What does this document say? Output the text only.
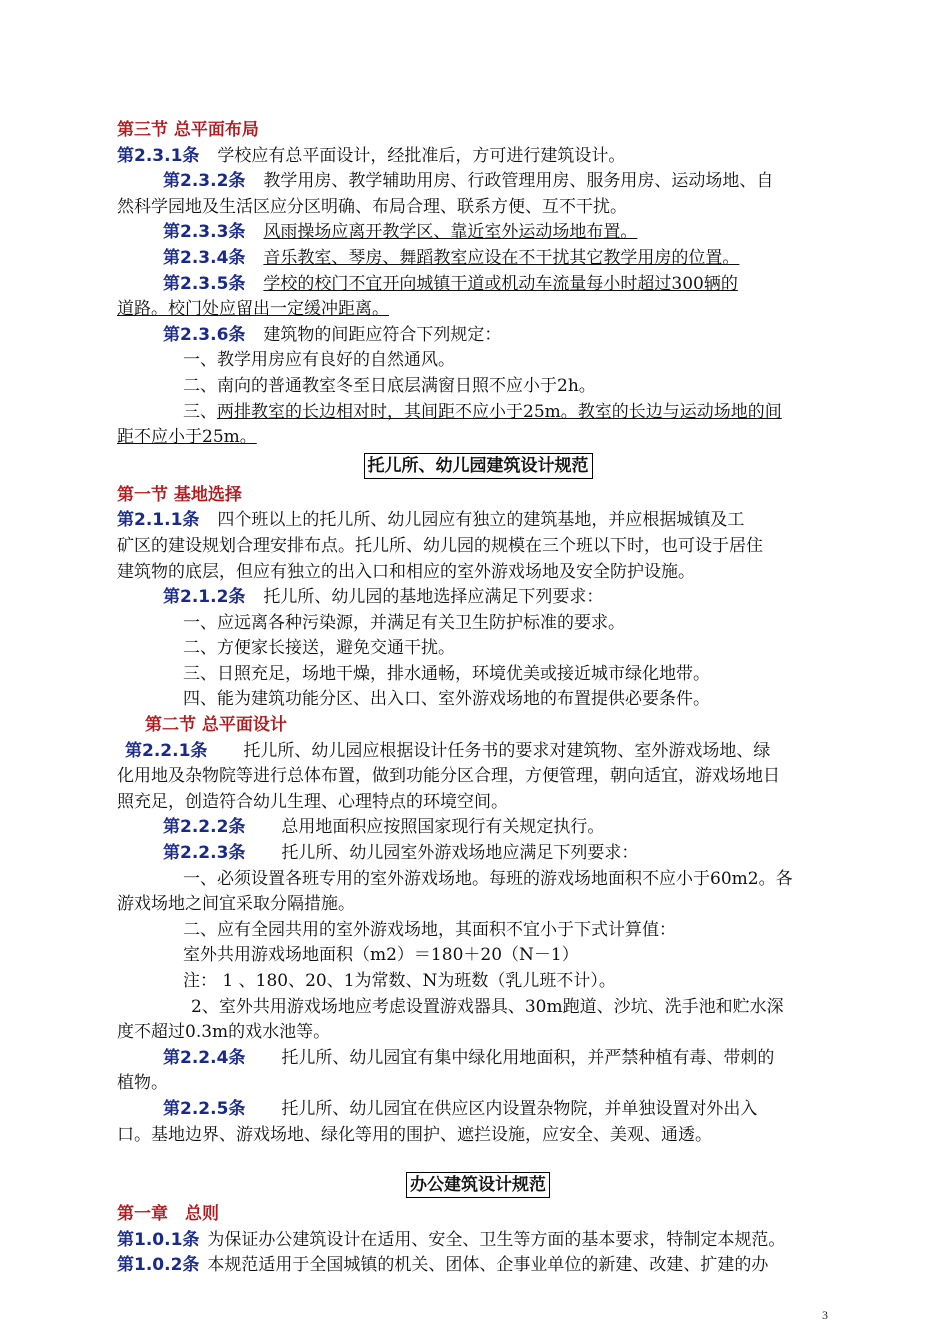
第三节 总平面布局
第2.3.1条 学校应有总平面设计，经批准后，方可进行建筑设计。
第2.3.2条 教学用房、教学辅助用房、行政管理用房、服务用房、运动场地、自
然科学园地及生活区应分区明确、布局合理、联系方便、互不干扰。
第2.3.3条 风雨操场应离开教学区、靠近室外运动场地布置。
第2.3.4条 音乐教室、琴房、舞蹈教室应设在不干扰其它教学用房的位置。
第2.3.5条 学校的校门不宜开向城镇干道或机动车流量每小时超过300辆的
道路。校门处应留出一定缓冲距离。
第2.3.6条 建筑物的间距应符合下列规定：
一、教学用房应有良好的自然通风。
二、南向的普通教室冬至日底层满窗日照不应小于2h。
三、两排教室的长边相对时，其间距不应小于25m。教室的长边与运动场地的间
距不应小于25m。
托儿所、幼儿园建筑设计规范
第一节 基地选择
第2.1.1条 四个班以上的托儿所、幼儿园应有独立的建筑基地，并应根据城镇及工
矿区的建设规划合理安排布点。托儿所、幼儿园的规模在三个班以下时，也可设于居住
建筑物的底层，但应有独立的出入口和相应的室外游戏场地及安全防护设施。
第2.1.2条 托儿所、幼儿园的基地选择应满足下列要求：
一、应远离各种污染源，并满足有关卫生防护标准的要求。
二、方便家长接送，避免交通干扰。
三、日照充足，场地干燥，排水通畅，环境优美或接近城市绿化地带。
四、能为建筑功能分区、出入口、室外游戏场地的布置提供必要条件。
第二节 总平面设计
第2.2.1条 托儿所、幼儿园应根据设计任务书的要求对建筑物、室外游戏场地、绿
化用地及杂物院等进行总体布置，做到功能分区合理，方便管理，朝向适宜，游戏场地日
照充足，创造符合幼儿生理、心理特点的环境空间。
第2.2.2条 总用地面积应按照国家现行有关规定执行。
第2.2.3条 托儿所、幼儿园室外游戏场地应满足下列要求：
一、必须设置各班专用的室外游戏场地。每班的游戏场地面积不应小于60m2。各
游戏场地之间宜采取分隔措施。
二、应有全园共用的室外游戏场地，其面积不宜小于下式计算值：
室外共用游戏场地面积（m2）＝180＋20（N－1）
注： 1 、180、20、1为常数、N为班数（乳儿班不计）。
2、室外共用游戏场地应考虑设置游戏器具、30m跑道、沙坑、洗手池和贮水深
度不超过0.3m的戏水池等。
第2.2.4条 托儿所、幼儿园宜有集中绿化用地面积，并严禁种植有毒、带刺的
植物。
第2.2.5条 托儿所、幼儿园宜在供应区内设置杂物院，并单独设置对外出入
口。基地边界、游戏场地、绿化等用的围护、遮拦设施，应安全、美观、通透。
办公建筑设计规范
第一章　总则
第1.0.1条 为保证办公建筑设计在适用、安全、卫生等方面的基本要求，特制定本规范。
第1.0.2条 本规范适用于全国城镇的机关、团体、企事业单位的新建、改建、扩建的办
3
